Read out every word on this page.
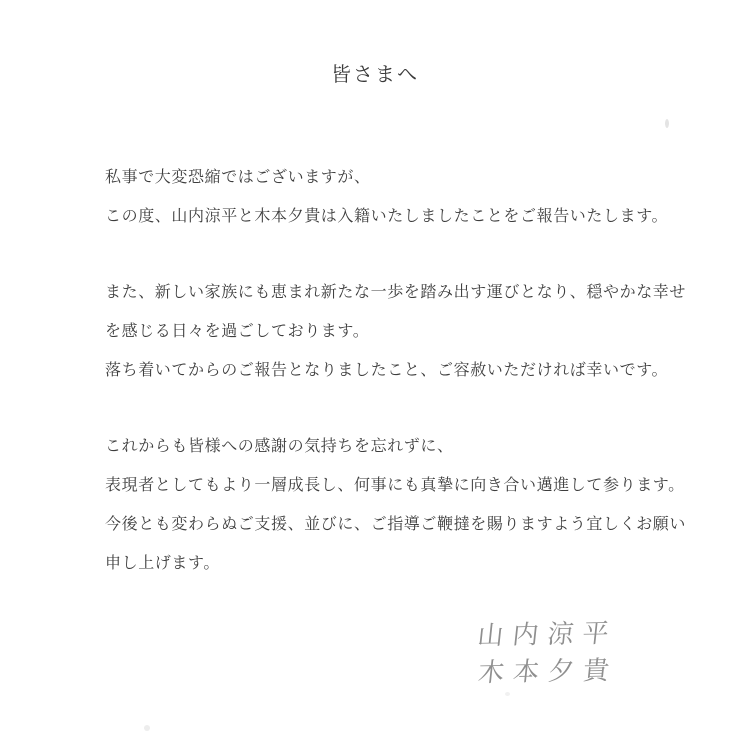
皆さまへ
私事で大変恐縮ではございますが、
この度、山内涼平と木本夕貴は入籍いたしましたことをご報告いたします。
また、新しい家族にも恵まれ新たな一歩を踏み出す運びとなり、穏やかな幸せ
を感じる日々を過ごしております。
落ち着いてからのご報告となりましたこと、ご容赦いただければ幸いです。
これからも皆様への感謝の気持ちを忘れずに、
表現者としてもより一層成長し、何事にも真摯に向き合い邁進して参ります。
今後とも変わらぬご支援、並びに、ご指導ご鞭撻を賜りますよう宜しくお願い
申し上げます。
山内涼平
木本夕貴
